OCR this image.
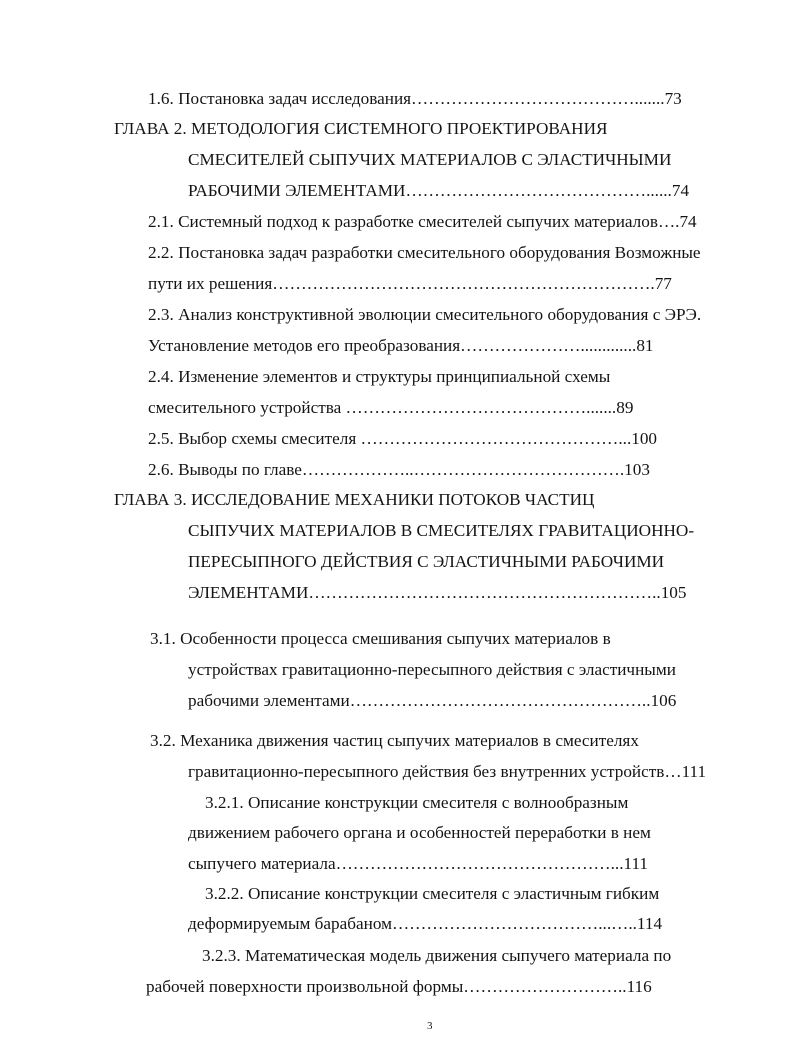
1.6. Постановка задач исследования………………………………….......73
ГЛАВА 2. МЕТОДОЛОГИЯ СИСТЕМНОГО ПРОЕКТИРОВАНИЯ
СМЕСИТЕЛЕЙ СЫПУЧИХ МАТЕРИАЛОВ С ЭЛАСТИЧНЫМИ
РАБОЧИМИ ЭЛЕМЕНТАМИ……………………………………......74
2.1. Системный подход к разработке смесителей сыпучих материалов….74
2.2. Постановка задач разработки смесительного оборудования Возможные
пути их решения………………………………………………………….77
2.3. Анализ конструктивной эволюции смесительного оборудования с ЭРЭ.
Установление методов его преобразования………………….............81
2.4. Изменение элементов и структуры принципиальной схемы
смесительного устройства …………………………………….......89
2.5. Выбор схемы смесителя ………………………………………...100
2.6. Выводы по главе………………..……………………………….103
ГЛАВА 3. ИССЛЕДОВАНИЕ МЕХАНИКИ ПОТОКОВ ЧАСТИЦ
СЫПУЧИХ МАТЕРИАЛОВ В СМЕСИТЕЛЯХ ГРАВИТАЦИОННО-
ПЕРЕСЫПНОГО ДЕЙСТВИЯ С ЭЛАСТИЧНЫМИ РАБОЧИМИ
ЭЛЕМЕНТАМИ……………………………………………………..105
3.1. Особенности процесса смешивания сыпучих материалов в
устройствах гравитационно-пересыпного действия с эластичными
рабочими элементами……………………………………………..106
3.2. Механика движения частиц сыпучих материалов в смесителях
гравитационно-пересыпного действия без внутренних устройств…111
3.2.1. Описание конструкции смесителя с волнообразным
движением рабочего органа и особенностей переработки в нем
сыпучего материала…………………………………………...111
3.2.2. Описание конструкции смесителя с эластичным гибким
деформируемым барабаном………………………………...…..114
3.2.3. Математическая модель движения сыпучего материала по
рабочей поверхности произвольной формы………………………..116
3
